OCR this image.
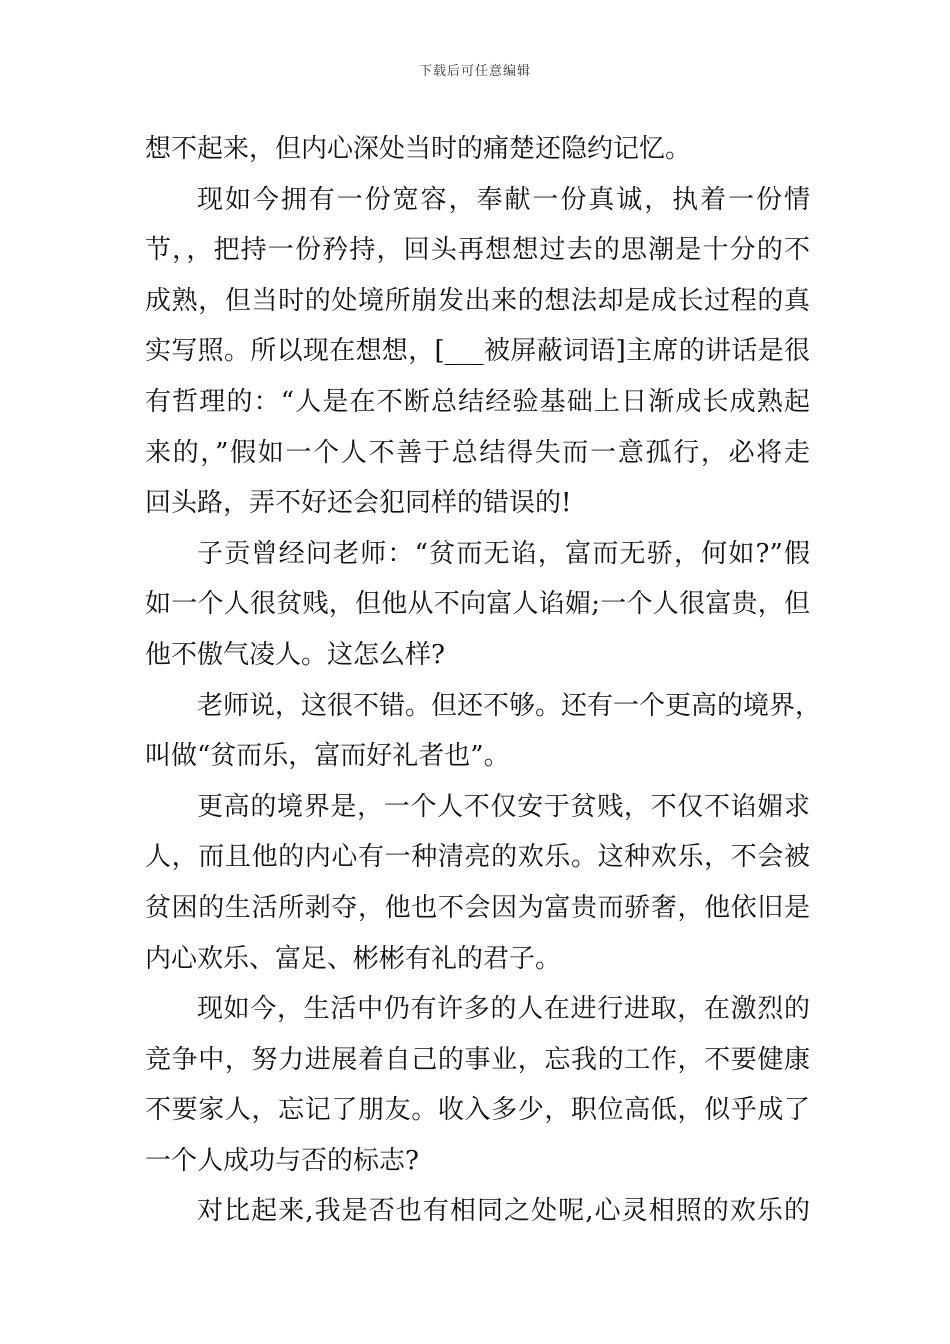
下载后可任意编辑
想不起来，但内心深处当时的痛楚还隐约记忆。
现如今拥有一份宽容，奉献一份真诚，执着一份情
节，，把持一份矜持，回头再想想过去的思潮是十分的不
成熟，但当时的处境所崩发出来的想法却是成长过程的真
实写照。所以现在想想，[___被屏蔽词语]主席的讲话是很
有哲理的：“人是在不断总结经验基础上日渐成长成熟起
来的，”假如一个人不善于总结得失而一意孤行，必将走
回头路，弄不好还会犯同样的错误的!
子贡曾经问老师：“贫而无谄，富而无骄，何如?”假
如一个人很贫贱，但他从不向富人谄媚;一个人很富贵，但
他不傲气凌人。这怎么样?
老师说，这很不错。但还不够。还有一个更高的境界，
叫做“贫而乐，富而好礼者也”。
更高的境界是，一个人不仅安于贫贱，不仅不谄媚求
人，而且他的内心有一种清亮的欢乐。这种欢乐，不会被
贫困的生活所剥夺，他也不会因为富贵而骄奢，他依旧是
内心欢乐、富足、彬彬有礼的君子。
现如今，生活中仍有许多的人在进行进取，在激烈的
竞争中，努力进展着自己的事业，忘我的工作，不要健康
不要家人，忘记了朋友。收入多少，职位高低，似乎成了
一个人成功与否的标志?
对比起来,我是否也有相同之处呢,心灵相照的欢乐的
